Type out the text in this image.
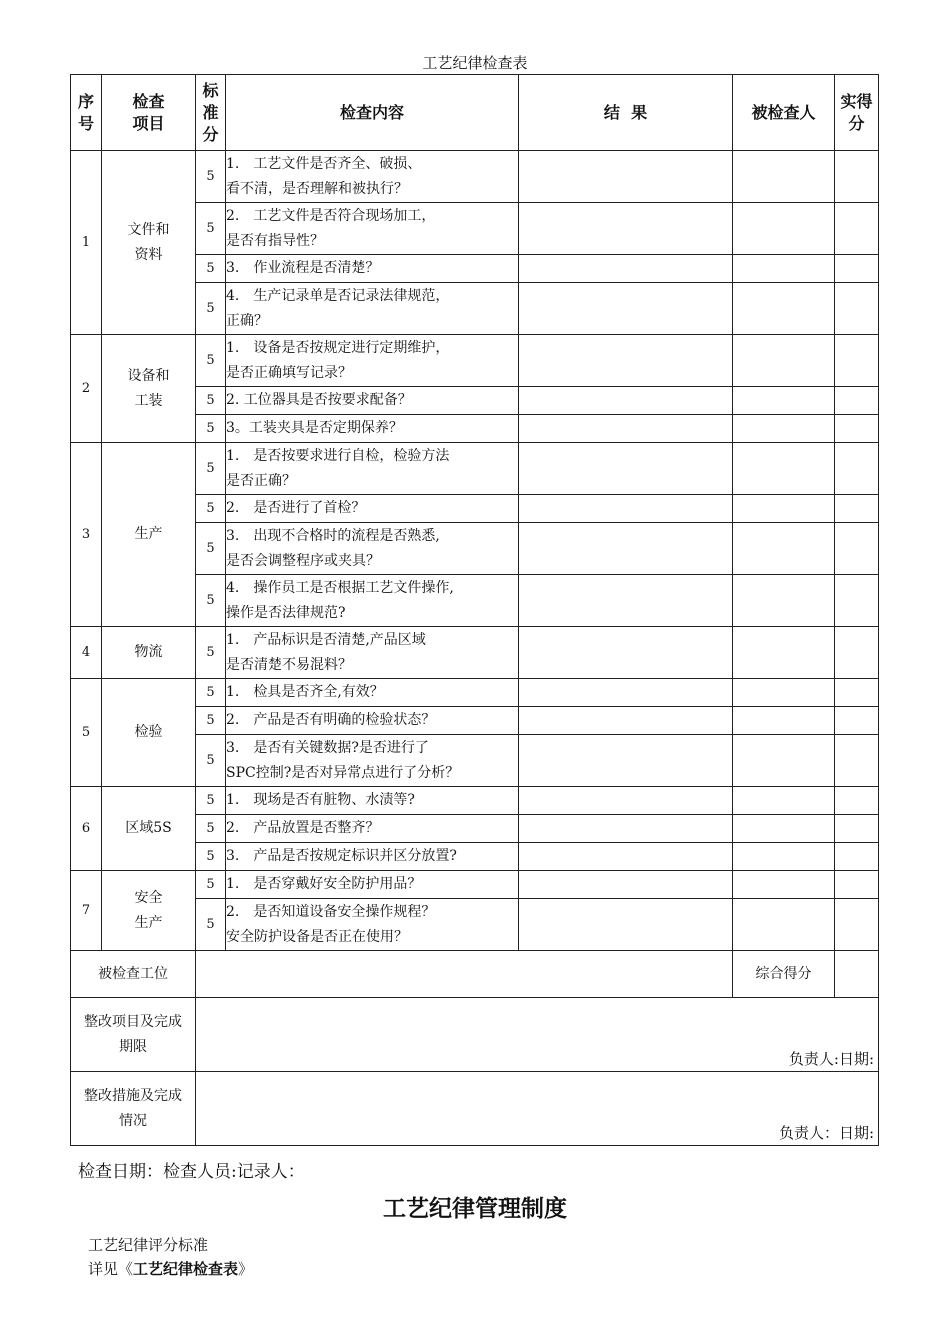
工艺纪律检查表
序
号	检查
项目	标
准
分	检查内容	结  果	被检查人	实得
分

1	文件和
资料	5	1.　工艺文件是否齐全、破损、
看不清，是否理解和被执行？			

		5	2.　工艺文件是否符合现场加工，
是否有指导性？			

		5	3.　作业流程是否清楚？			

		5	4.　生产记录单是否记录法律规范，
正确？			

2	设备和
工装	5	1.　设备是否按规定进行定期维护，
是否正确填写记录？			

		5	2. 工位器具是否按要求配备？			

		5	3。工装夹具是否定期保养？			

3	生产	5	1.　是否按要求进行自检，检验方法
是否正确？			

		5	2.　是否进行了首检？			

		5	3.　出现不合格时的流程是否熟悉,
是否会调整程序或夹具？			

		5	4.　操作员工是否根据工艺文件操作,
操作是否法律规范?			

4	物流	5	1.　产品标识是否清楚,产品区域
是否清楚不易混料？			

5	检验	5	1.　检具是否齐全,有效？			

		5	2.　产品是否有明确的检验状态？			

		5	3.　是否有关键数据?是否进行了
SPC控制?是否对异常点进行了分析？			

6	区域5S	5	1.　现场是否有脏物、水渍等?			

		5	2.　产品放置是否整齐？			

		5	3.　产品是否按规定标识并区分放置?			

7	安全
生产	5	1.　是否穿戴好安全防护用品？			

		5	2.　是否知道设备安全操作规程？
安全防护设备是否正在使用？			

被检查工位					综合得分	

整改项目及完成
期限		负责人:日期:				

整改措施及完成
情况		负责人：日期:				
检查日期：检查人员:记录人：
工艺纪律管理制度
工艺纪律评分标准
详见《工艺纪律检查表》
